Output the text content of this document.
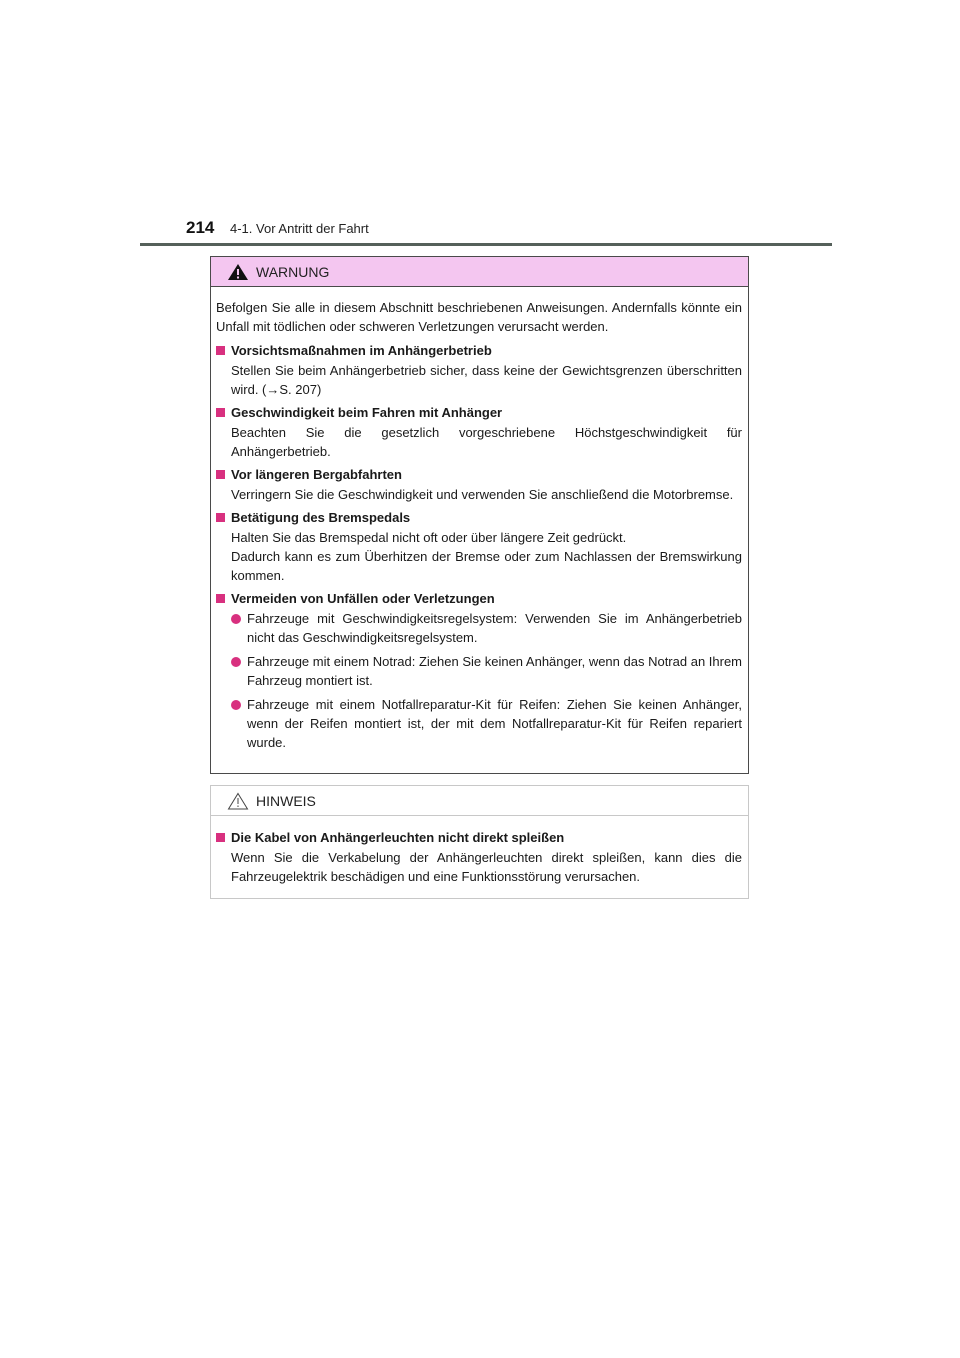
214 4-1. Vor Antritt der Fahrt
WARNUNG

Befolgen Sie alle in diesem Abschnitt beschriebenen Anweisungen. Andernfalls könnte ein Unfall mit tödlichen oder schweren Verletzungen verursacht werden.

Vorsichtsmaßnahmen im Anhängerbetrieb

Stellen Sie beim Anhängerbetrieb sicher, dass keine der Gewichtsgrenzen überschritten wird. (→S. 207)

Geschwindigkeit beim Fahren mit Anhänger

Beachten Sie die gesetzlich vorgeschriebene Höchstgeschwindigkeit für Anhängerbetrieb.

Vor längeren Bergabfahrten

Verringern Sie die Geschwindigkeit und verwenden Sie anschließend die Motorbremse.

Betätigung des Bremspedals

Halten Sie das Bremspedal nicht oft oder über längere Zeit gedrückt.

Dadurch kann es zum Überhitzen der Bremse oder zum Nachlassen der Bremswirkung kommen.

Vermeiden von Unfällen oder Verletzungen
Fahrzeuge mit Geschwindigkeitsregelsystem: Verwenden Sie im Anhängerbetrieb nicht das Geschwindigkeitsregelsystem.
Fahrzeuge mit einem Notrad: Ziehen Sie keinen Anhänger, wenn das Notrad an Ihrem Fahrzeug montiert ist.
Fahrzeuge mit einem Notfallreparatur-Kit für Reifen: Ziehen Sie keinen Anhänger, wenn der Reifen montiert ist, der mit dem Notfallreparatur-Kit für Reifen repariert wurde.
HINWEIS
Die Kabel von Anhängerleuchten nicht direkt spleißen

Wenn Sie die Verkabelung der Anhängerleuchten direkt spleißen, kann dies die Fahrzeugelektrik beschädigen und eine Funktionsstörung verursachen.
